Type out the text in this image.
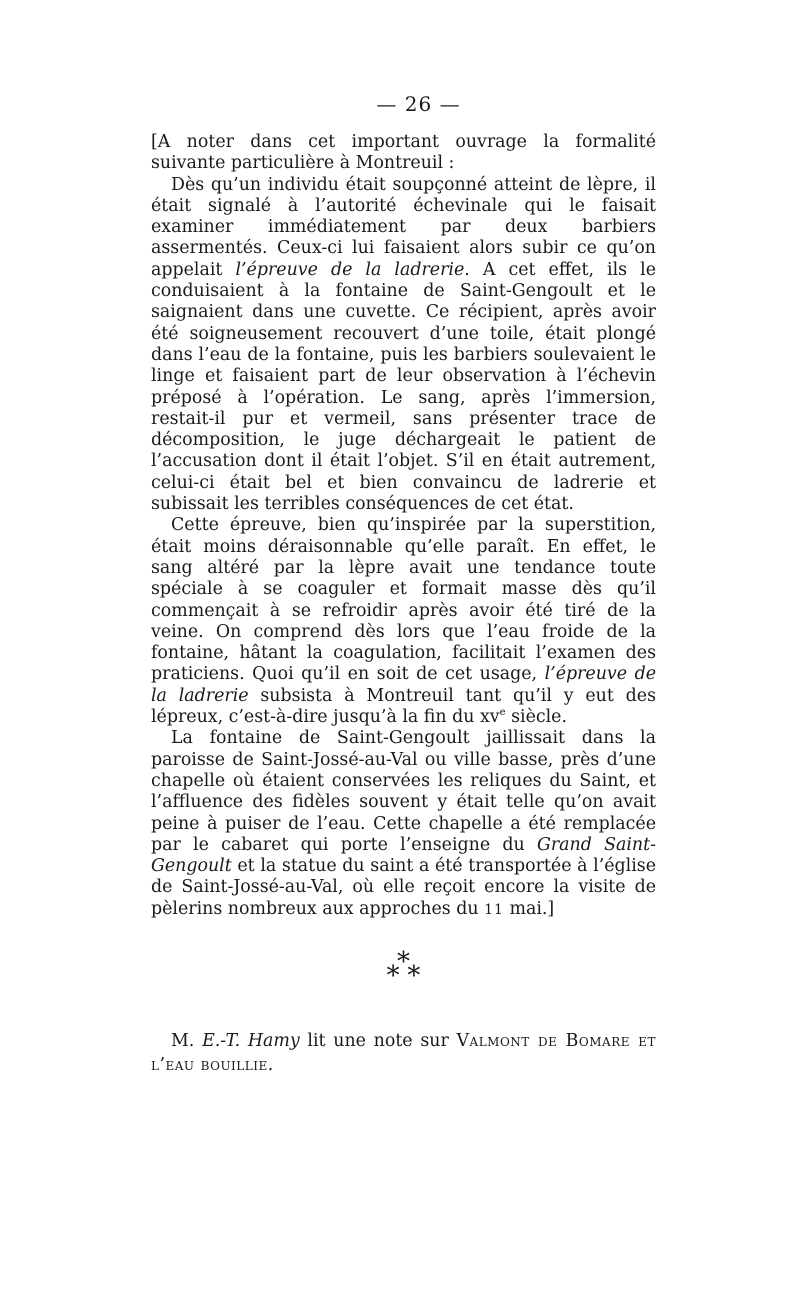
— 26 —

[A noter dans cet important ouvrage la formalité suivante particulière à Montreuil :

Dès qu’un individu était soupçonné atteint de lèpre, il était signalé à l’autorité échevinale qui le faisait examiner immédiatement par deux barbiers assermentés. Ceux-ci lui faisaient alors subir ce qu’on appelait l’épreuve de la ladrerie. A cet effet, ils le conduisaient à la fontaine de Saint-Gengoult et le saignaient dans une cuvette. Ce récipient, après avoir été soigneusement recouvert d’une toile, était plongé dans l’eau de la fontaine, puis les barbiers soulevaient le linge et faisaient part de leur observation à l’échevin préposé à l’opération. Le sang, après l’immersion, restait-il pur et vermeil, sans présenter trace de décomposition, le juge déchargeait le patient de l’accusation dont il était l’objet. S’il en était autrement, celui-ci était bel et bien convaincu de ladrerie et subissait les terribles conséquences de cet état.

Cette épreuve, bien qu’inspirée par la superstition, était moins déraisonnable qu’elle paraît. En effet, le sang altéré par la lèpre avait une tendance toute spéciale à se coaguler et formait masse dès qu’il commençait à se refroidir après avoir été tiré de la veine. On comprend dès lors que l’eau froide de la fontaine, hâtant la coagulation, facilitait l’examen des praticiens. Quoi qu’il en soit de cet usage, l’épreuve de la ladrerie subsista à Montreuil tant qu’il y eut des lépreux, c’est-à-dire jusqu’à la fin du $xv^e$ siècle.

La fontaine de Saint-Gengoult jaillissait dans la paroisse de Saint-Jossé-au-Val ou ville basse, près d’une chapelle où étaient conservées les reliques du Saint, et l’affluence des fidèles souvent y était telle qu’on avait peine à puiser de l’eau. Cette chapelle a été remplacée par le cabaret qui porte l’enseigne du Grand Saint-Gengoult et la statue du saint a été transportée à l’église de Saint-Jossé-au-Val, où elle reçoit encore la visite de pèlerins nombreux aux approches du 11 mai.]

*
* *

M. E.-T. Hamy lit une note sur Valmont de Bomare et l’eau bouillie.
